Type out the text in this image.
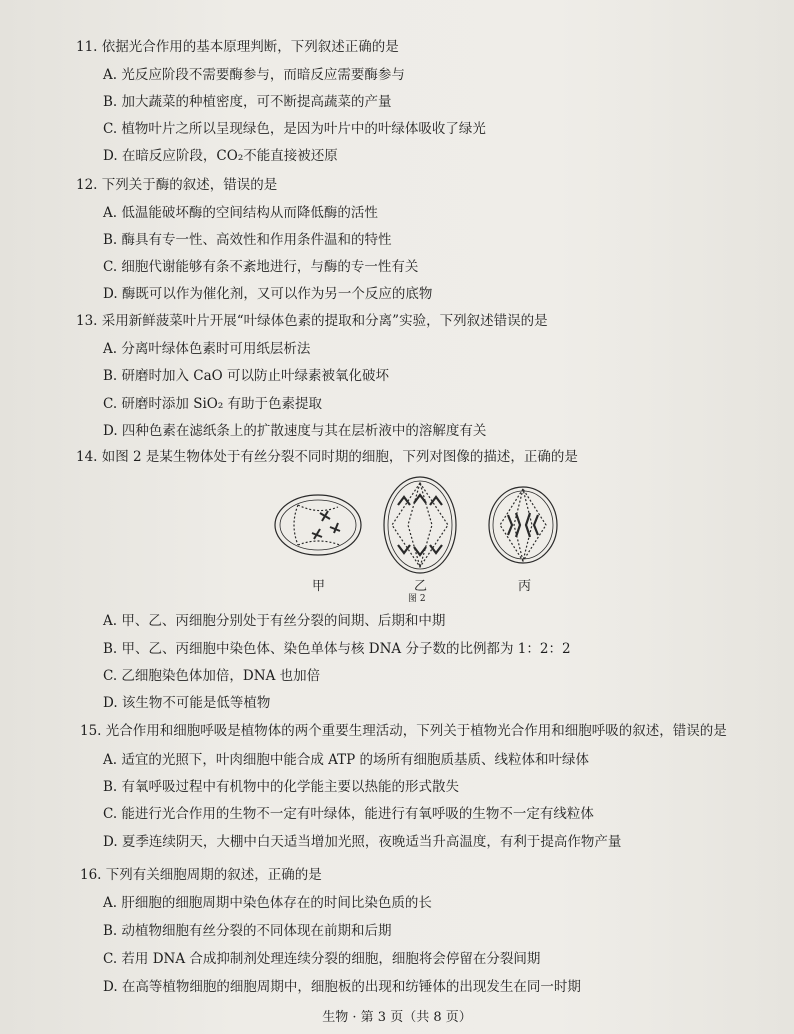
11. 依据光合作用的基本原理判断，下列叙述正确的是
A. 光反应阶段不需要酶参与，而暗反应需要酶参与
B. 加大蔬菜的种植密度，可不断提高蔬菜的产量
C. 植物叶片之所以呈现绿色，是因为叶片中的叶绿体吸收了绿光
D. 在暗反应阶段，CO₂不能直接被还原
12. 下列关于酶的叙述，错误的是
A. 低温能破坏酶的空间结构从而降低酶的活性
B. 酶具有专一性、高效性和作用条件温和的特性
C. 细胞代谢能够有条不紊地进行，与酶的专一性有关
D. 酶既可以作为催化剂，又可以作为另一个反应的底物
13. 采用新鲜菠菜叶片开展“叶绿体色素的提取和分离”实验，下列叙述错误的是
A. 分离叶绿体色素时可用纸层析法
B. 研磨时加入 CaO 可以防止叶绿素被氧化破坏
C. 研磨时添加 SiO₂ 有助于色素提取
D. 四种色素在滤纸条上的扩散速度与其在层析液中的溶解度有关
14. 如图 2 是某生物体处于有丝分裂不同时期的细胞，下列对图像的描述，正确的是
甲	乙	丙
图 2
A. 甲、乙、丙细胞分别处于有丝分裂的间期、后期和中期
B. 甲、乙、丙细胞中染色体、染色单体与核 DNA 分子数的比例都为 1：2：2
C. 乙细胞染色体加倍，DNA 也加倍
D. 该生物不可能是低等植物
15. 光合作用和细胞呼吸是植物体的两个重要生理活动，下列关于植物光合作用和细胞呼吸的叙述，错误的是
A. 适宜的光照下，叶肉细胞中能合成 ATP 的场所有细胞质基质、线粒体和叶绿体
B. 有氧呼吸过程中有机物中的化学能主要以热能的形式散失
C. 能进行光合作用的生物不一定有叶绿体，能进行有氧呼吸的生物不一定有线粒体
D. 夏季连续阴天，大棚中白天适当增加光照，夜晚适当升高温度，有利于提高作物产量
16. 下列有关细胞周期的叙述，正确的是
A. 肝细胞的细胞周期中染色体存在的时间比染色质的长
B. 动植物细胞有丝分裂的不同体现在前期和后期
C. 若用 DNA 合成抑制剂处理连续分裂的细胞，细胞将会停留在分裂间期
D. 在高等植物细胞的细胞周期中，细胞板的出现和纺锤体的出现发生在同一时期
生物 · 第 3 页（共 8 页）
